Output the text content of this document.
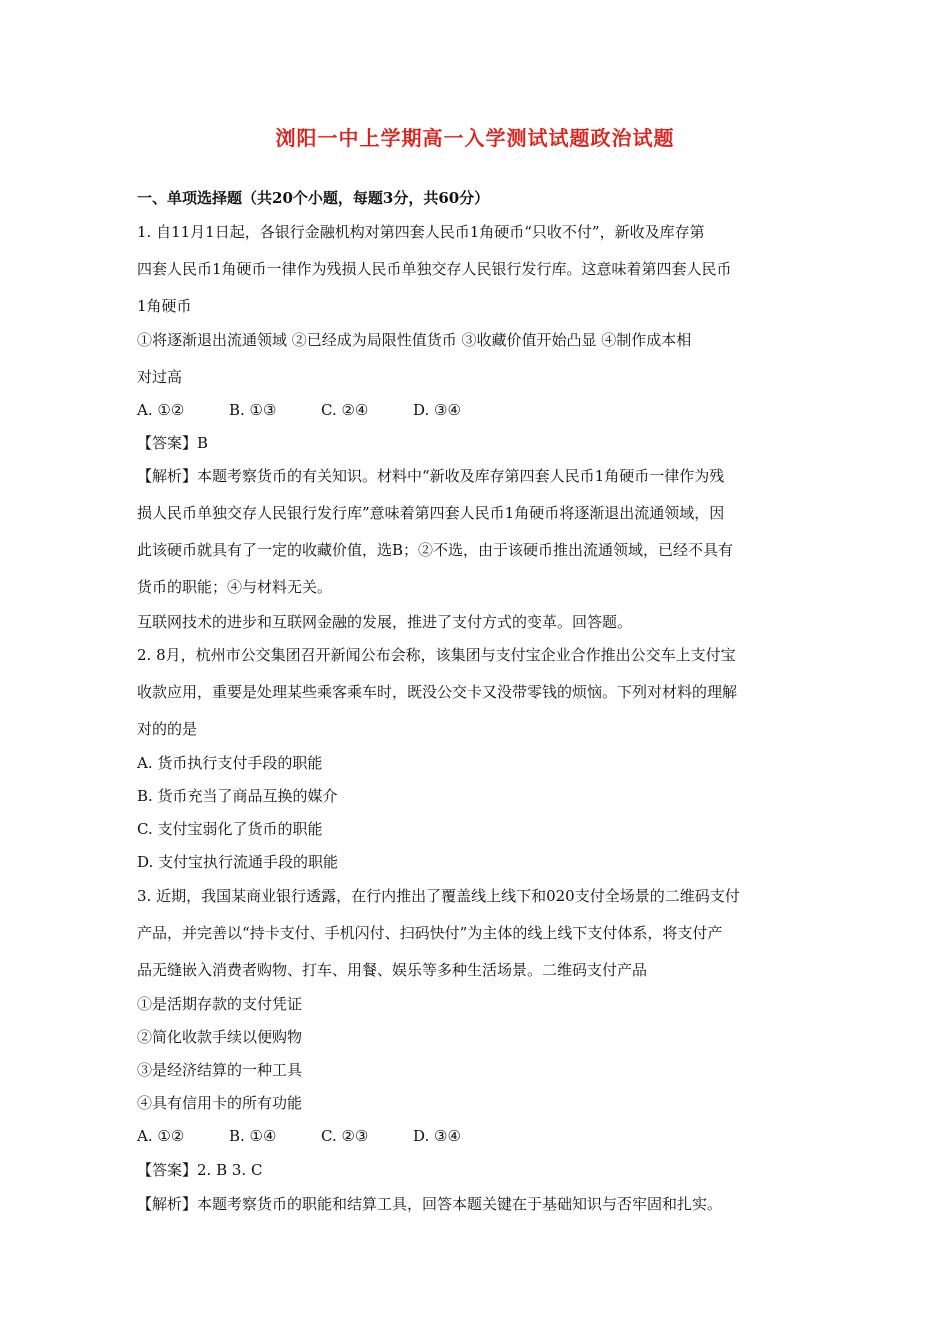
浏阳一中上学期高一入学测试试题政治试题
一、单项选择题（共20个小题，每题3分，共60分）
1. 自11月1日起，各银行金融机构对第四套人民币1角硬币“只收不付”，新收及库存第
四套人民币1角硬币一律作为残损人民币单独交存人民银行发行库。这意味着第四套人民币
1角硬币
①将逐渐退出流通领域 ②已经成为局限性值货币 ③收藏价值开始凸显 ④制作成本相
对过高
A. ①②	B. ①③	C. ②④	D. ③④
【答案】B
【解析】本题考察货币的有关知识。材料中“新收及库存第四套人民币1角硬币一律作为残
损人民币单独交存人民银行发行库”意味着第四套人民币1角硬币将逐渐退出流通领域，因
此该硬币就具有了一定的收藏价值，选B；②不选，由于该硬币推出流通领域，已经不具有
货币的职能；④与材料无关。
互联网技术的进步和互联网金融的发展，推进了支付方式的变革。回答题。
2. 8月，杭州市公交集团召开新闻公布会称，该集团与支付宝企业合作推出公交车上支付宝
收款应用，重要是处理某些乘客乘车时，既没公交卡又没带零钱的烦恼。下列对材料的理解
对的的是
A. 货币执行支付手段的职能
B. 货币充当了商品互换的媒介
C. 支付宝弱化了货币的职能
D. 支付宝执行流通手段的职能
3. 近期，我国某商业银行透露，在行内推出了覆盖线上线下和020支付全场景的二维码支付
产品，并完善以“持卡支付、手机闪付、扫码快付”为主体的线上线下支付体系，将支付产
品无缝嵌入消费者购物、打车、用餐、娱乐等多种生活场景。二维码支付产品
①是活期存款的支付凭证
②简化收款手续以便购物
③是经济结算的一种工具
④具有信用卡的所有功能
A. ①②	B. ①④	C. ②③	D. ③④
【答案】2. B 3. C
【解析】本题考察货币的职能和结算工具，回答本题关键在于基础知识与否牢固和扎实。
